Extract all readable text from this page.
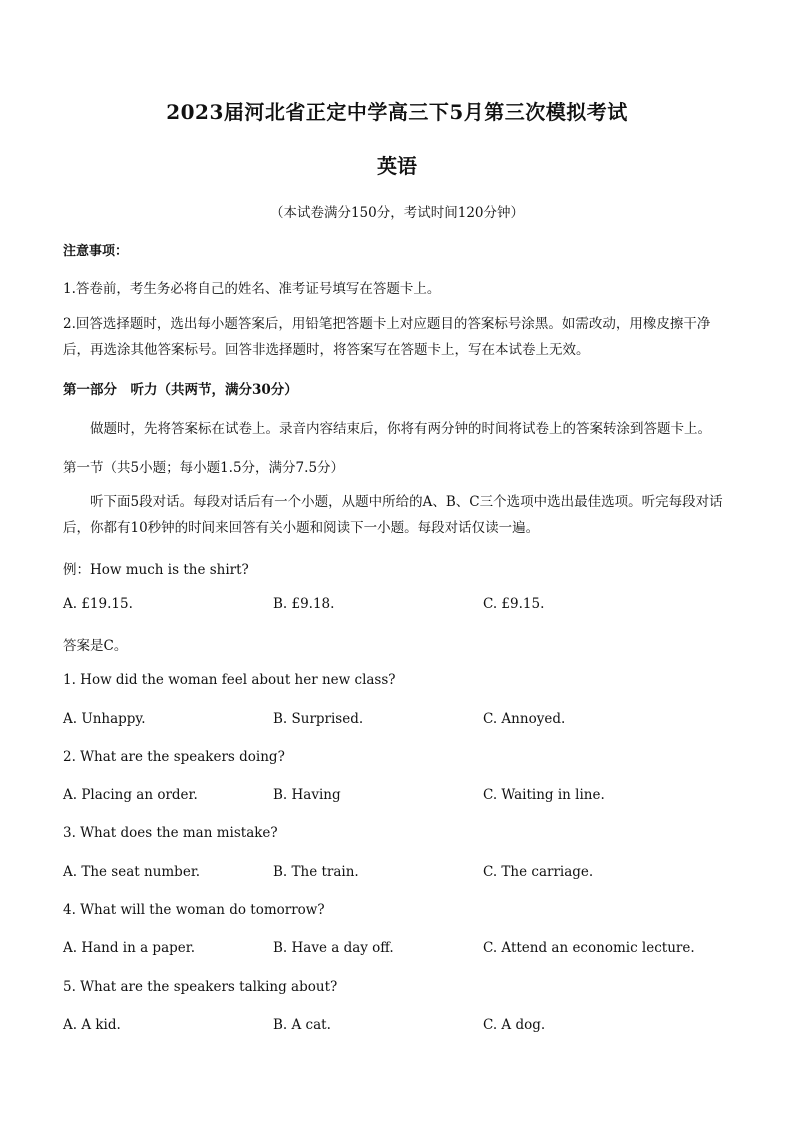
2023届河北省正定中学高三下5月第三次模拟考试
英语
（本试卷满分150分，考试时间120分钟）
注意事项：
1.答卷前，考生务必将自己的姓名、准考证号填写在答题卡上。
2.回答选择题时，选出每小题答案后，用铅笔把答题卡上对应题目的答案标号涂黑。如需改动，用橡皮擦干净后，再选涂其他答案标号。回答非选择题时，将答案写在答题卡上，写在本试卷上无效。
第一部分　听力（共两节，满分30分）
做题时，先将答案标在试卷上。录音内容结束后，你将有两分钟的时间将试卷上的答案转涂到答题卡上。
第一节（共5小题；每小题1.5分，满分7.5分）
听下面5段对话。每段对话后有一个小题，从题中所给的A、B、C三个选项中选出最佳选项。听完每段对话后，你都有10秒钟的时间来回答有关小题和阅读下一小题。每段对话仅读一遍。
例：How much is the shirt?
A. £19.15.	B. £9.18.	C. £9.15.
答案是C。
1. How did the woman feel about her new class?
A. Unhappy.	B. Surprised.	C. Annoyed.
2. What are the speakers doing?
A. Placing an order.	B. Having	C. Waiting in line.
3. What does the man mistake?
A. The seat number.	B. The train.	C. The carriage.
4. What will the woman do tomorrow?
A. Hand in a paper.	B. Have a day off.	C. Attend an economic lecture.
5. What are the speakers talking about?
A. A kid.	B. A cat.	C. A dog.
